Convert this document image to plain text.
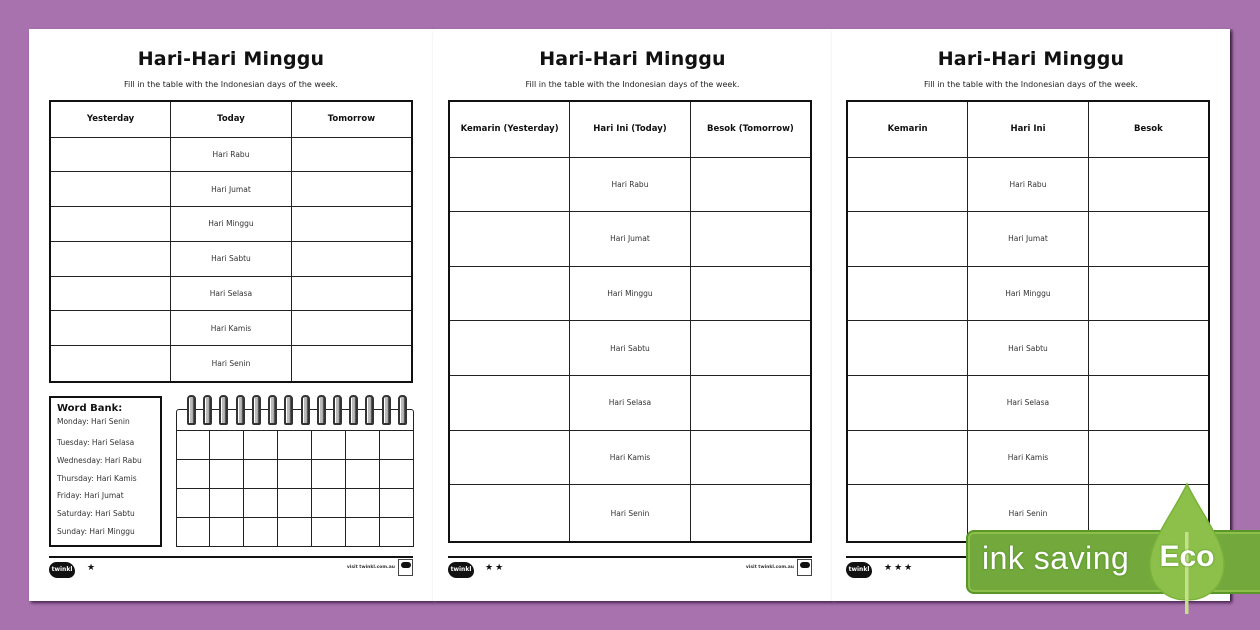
Hari-Hari Minggu
Fill in the table with the Indonesian days of the week.
Yesterday	Today	Tomorrow
	Hari Rabu	
	Hari Jumat	
	Hari Minggu	
	Hari Sabtu	
	Hari Selasa	
	Hari Kamis	
	Hari Senin	
Word Bank:
Monday: Hari Senin
Tuesday: Hari Selasa
Wednesday: Hari Rabu
Thursday: Hari Kamis
Friday: Hari Jumat
Saturday: Hari Sabtu
Sunday: Hari Minggu
twinkl ★	visit twinkl.com.au
Hari-Hari Minggu
Fill in the table with the Indonesian days of the week.
Kemarin (Yesterday)	Hari Ini (Today)	Besok (Tomorrow)
	Hari Rabu	
	Hari Jumat	
	Hari Minggu	
	Hari Sabtu	
	Hari Selasa	
	Hari Kamis	
	Hari Senin	
twinkl ★★	visit twinkl.com.au
Hari-Hari Minggu
Fill in the table with the Indonesian days of the week.
Kemarin	Hari Ini	Besok
	Hari Rabu	
	Hari Jumat	
	Hari Minggu	
	Hari Sabtu	
	Hari Selasa	
	Hari Kamis	
	Hari Senin	
twinkl ★★★ ink saving Eco
